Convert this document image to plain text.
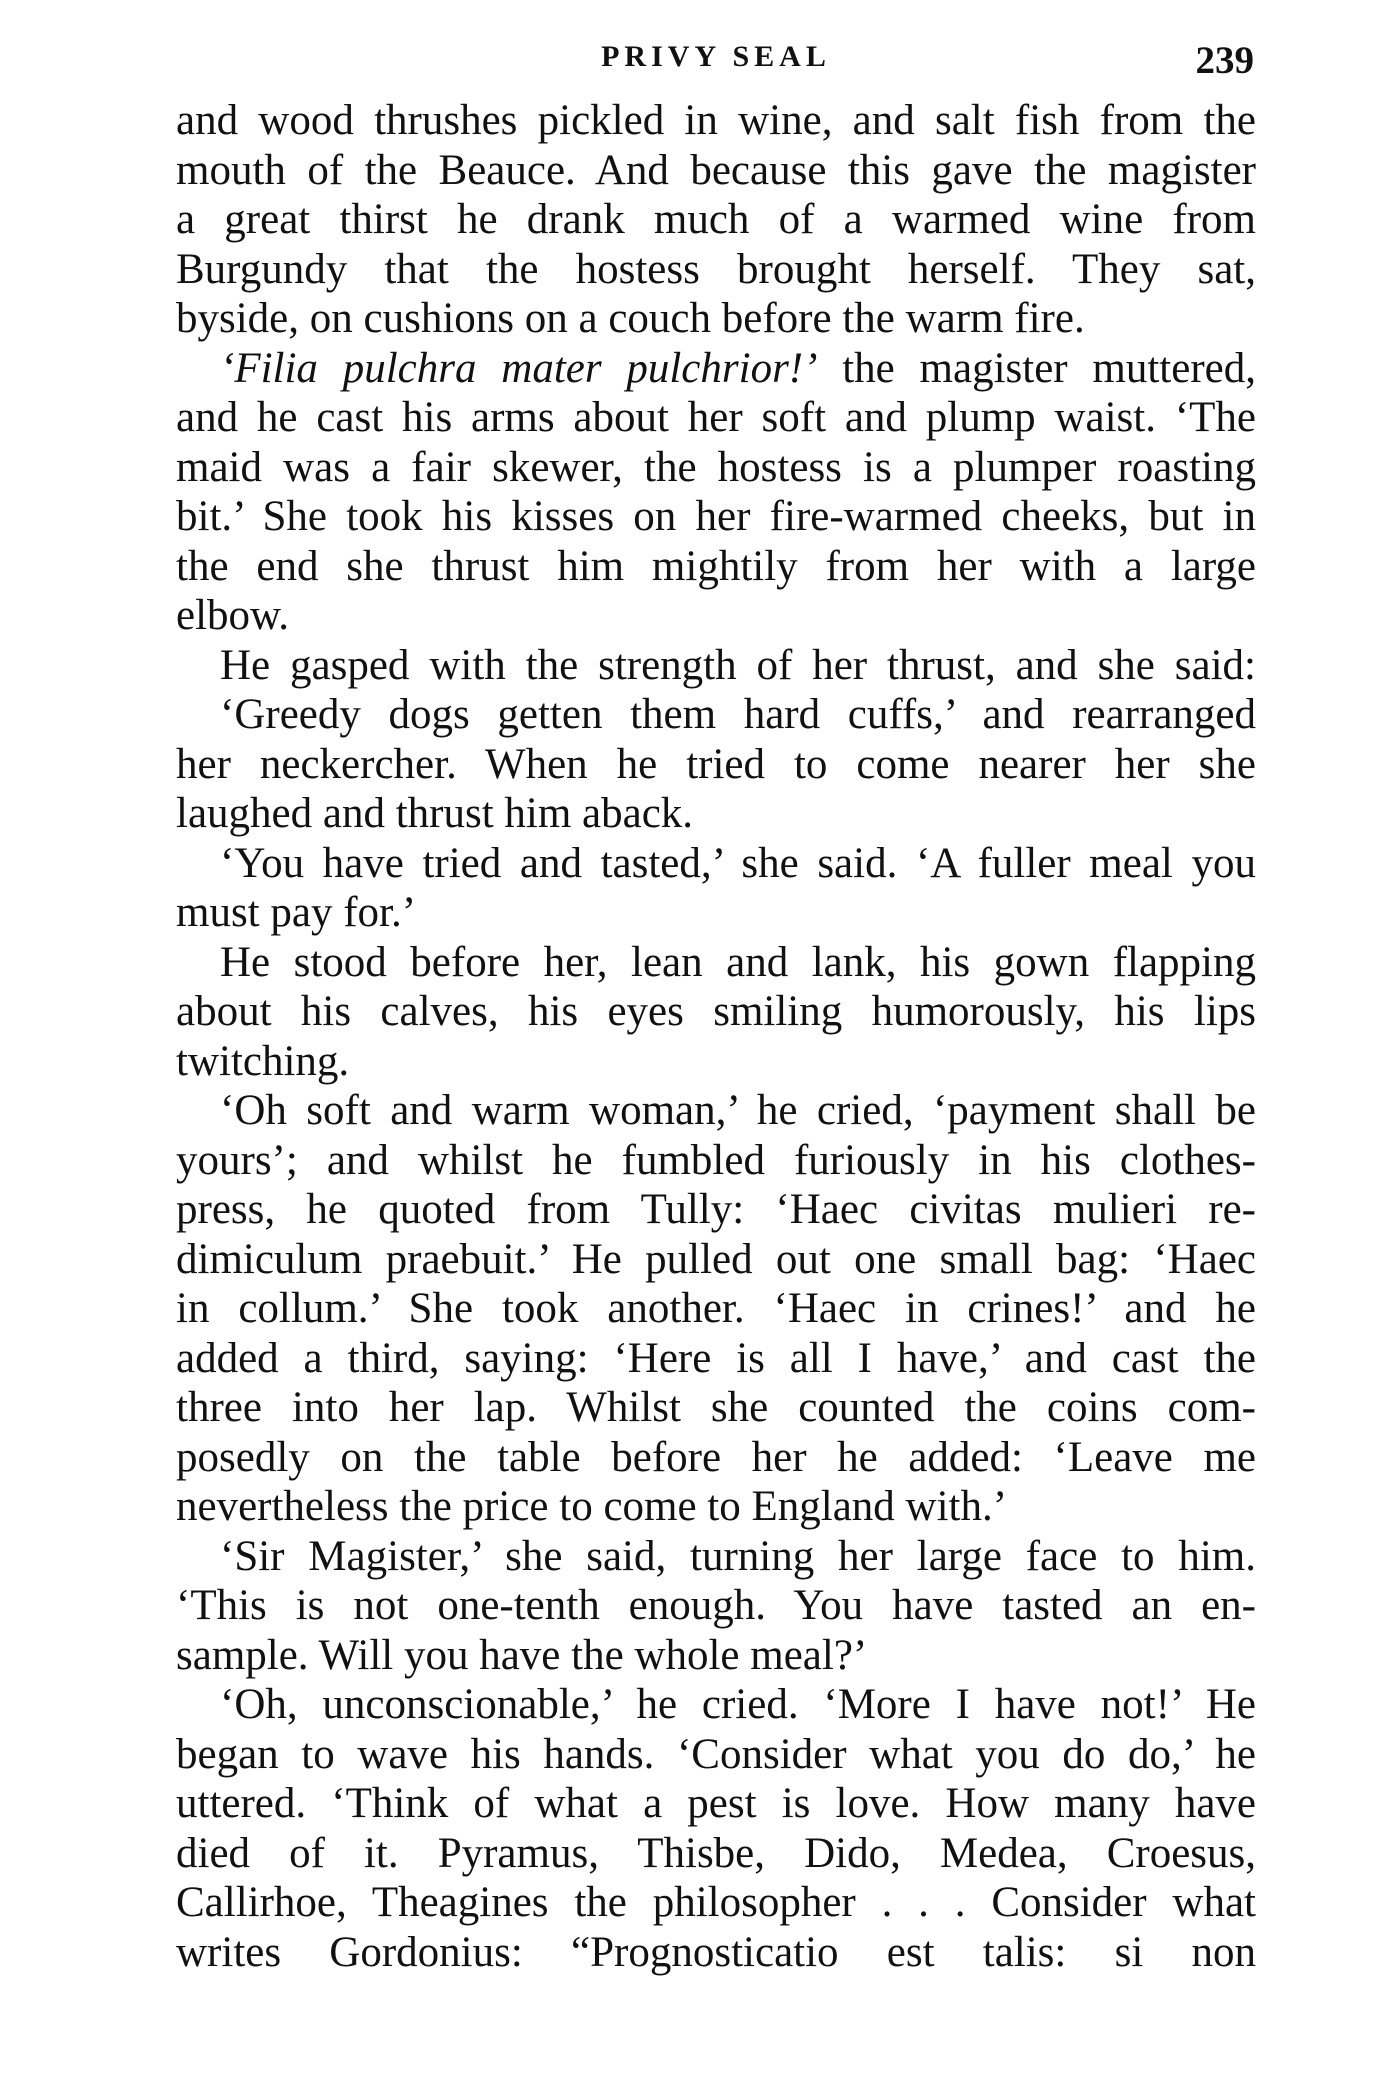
PRIVY SEAL	239
and wood thrushes pickled in wine, and salt fish from the
mouth of the Beauce. And because this gave the magister
a great thirst he drank much of a warmed wine from
Burgundy that the hostess brought herself. They sat,
byside, on cushions on a couch before the warm fire.
‘Filia pulchra mater pulchrior!’ the magister muttered,
and he cast his arms about her soft and plump waist. ‘The
maid was a fair skewer, the hostess is a plumper roasting
bit.’ She took his kisses on her fire-warmed cheeks, but in
the end she thrust him mightily from her with a large
elbow.
He gasped with the strength of her thrust, and she said:
‘Greedy dogs getten them hard cuffs,’ and rearranged
her neckercher. When he tried to come nearer her she
laughed and thrust him aback.
‘You have tried and tasted,’ she said. ‘A fuller meal you
must pay for.’
He stood before her, lean and lank, his gown flapping
about his calves, his eyes smiling humorously, his lips
twitching.
‘Oh soft and warm woman,’ he cried, ‘payment shall be
yours’; and whilst he fumbled furiously in his clothes-
press, he quoted from Tully: ‘Haec civitas mulieri re-
dimiculum praebuit.’ He pulled out one small bag: ‘Haec
in collum.’ She took another. ‘Haec in crines!’ and he
added a third, saying: ‘Here is all I have,’ and cast the
three into her lap. Whilst she counted the coins com-
posedly on the table before her he added: ‘Leave me
nevertheless the price to come to England with.’
‘Sir Magister,’ she said, turning her large face to him.
‘This is not one-tenth enough. You have tasted an en-
sample. Will you have the whole meal?’
‘Oh, unconscionable,’ he cried. ‘More I have not!’ He
began to wave his hands. ‘Consider what you do do,’ he
uttered. ‘Think of what a pest is love. How many have
died of it. Pyramus, Thisbe, Dido, Medea, Croesus,
Callirhoe, Theagines the philosopher . . . Consider what
writes Gordonius: “Prognosticatio est talis: si non
